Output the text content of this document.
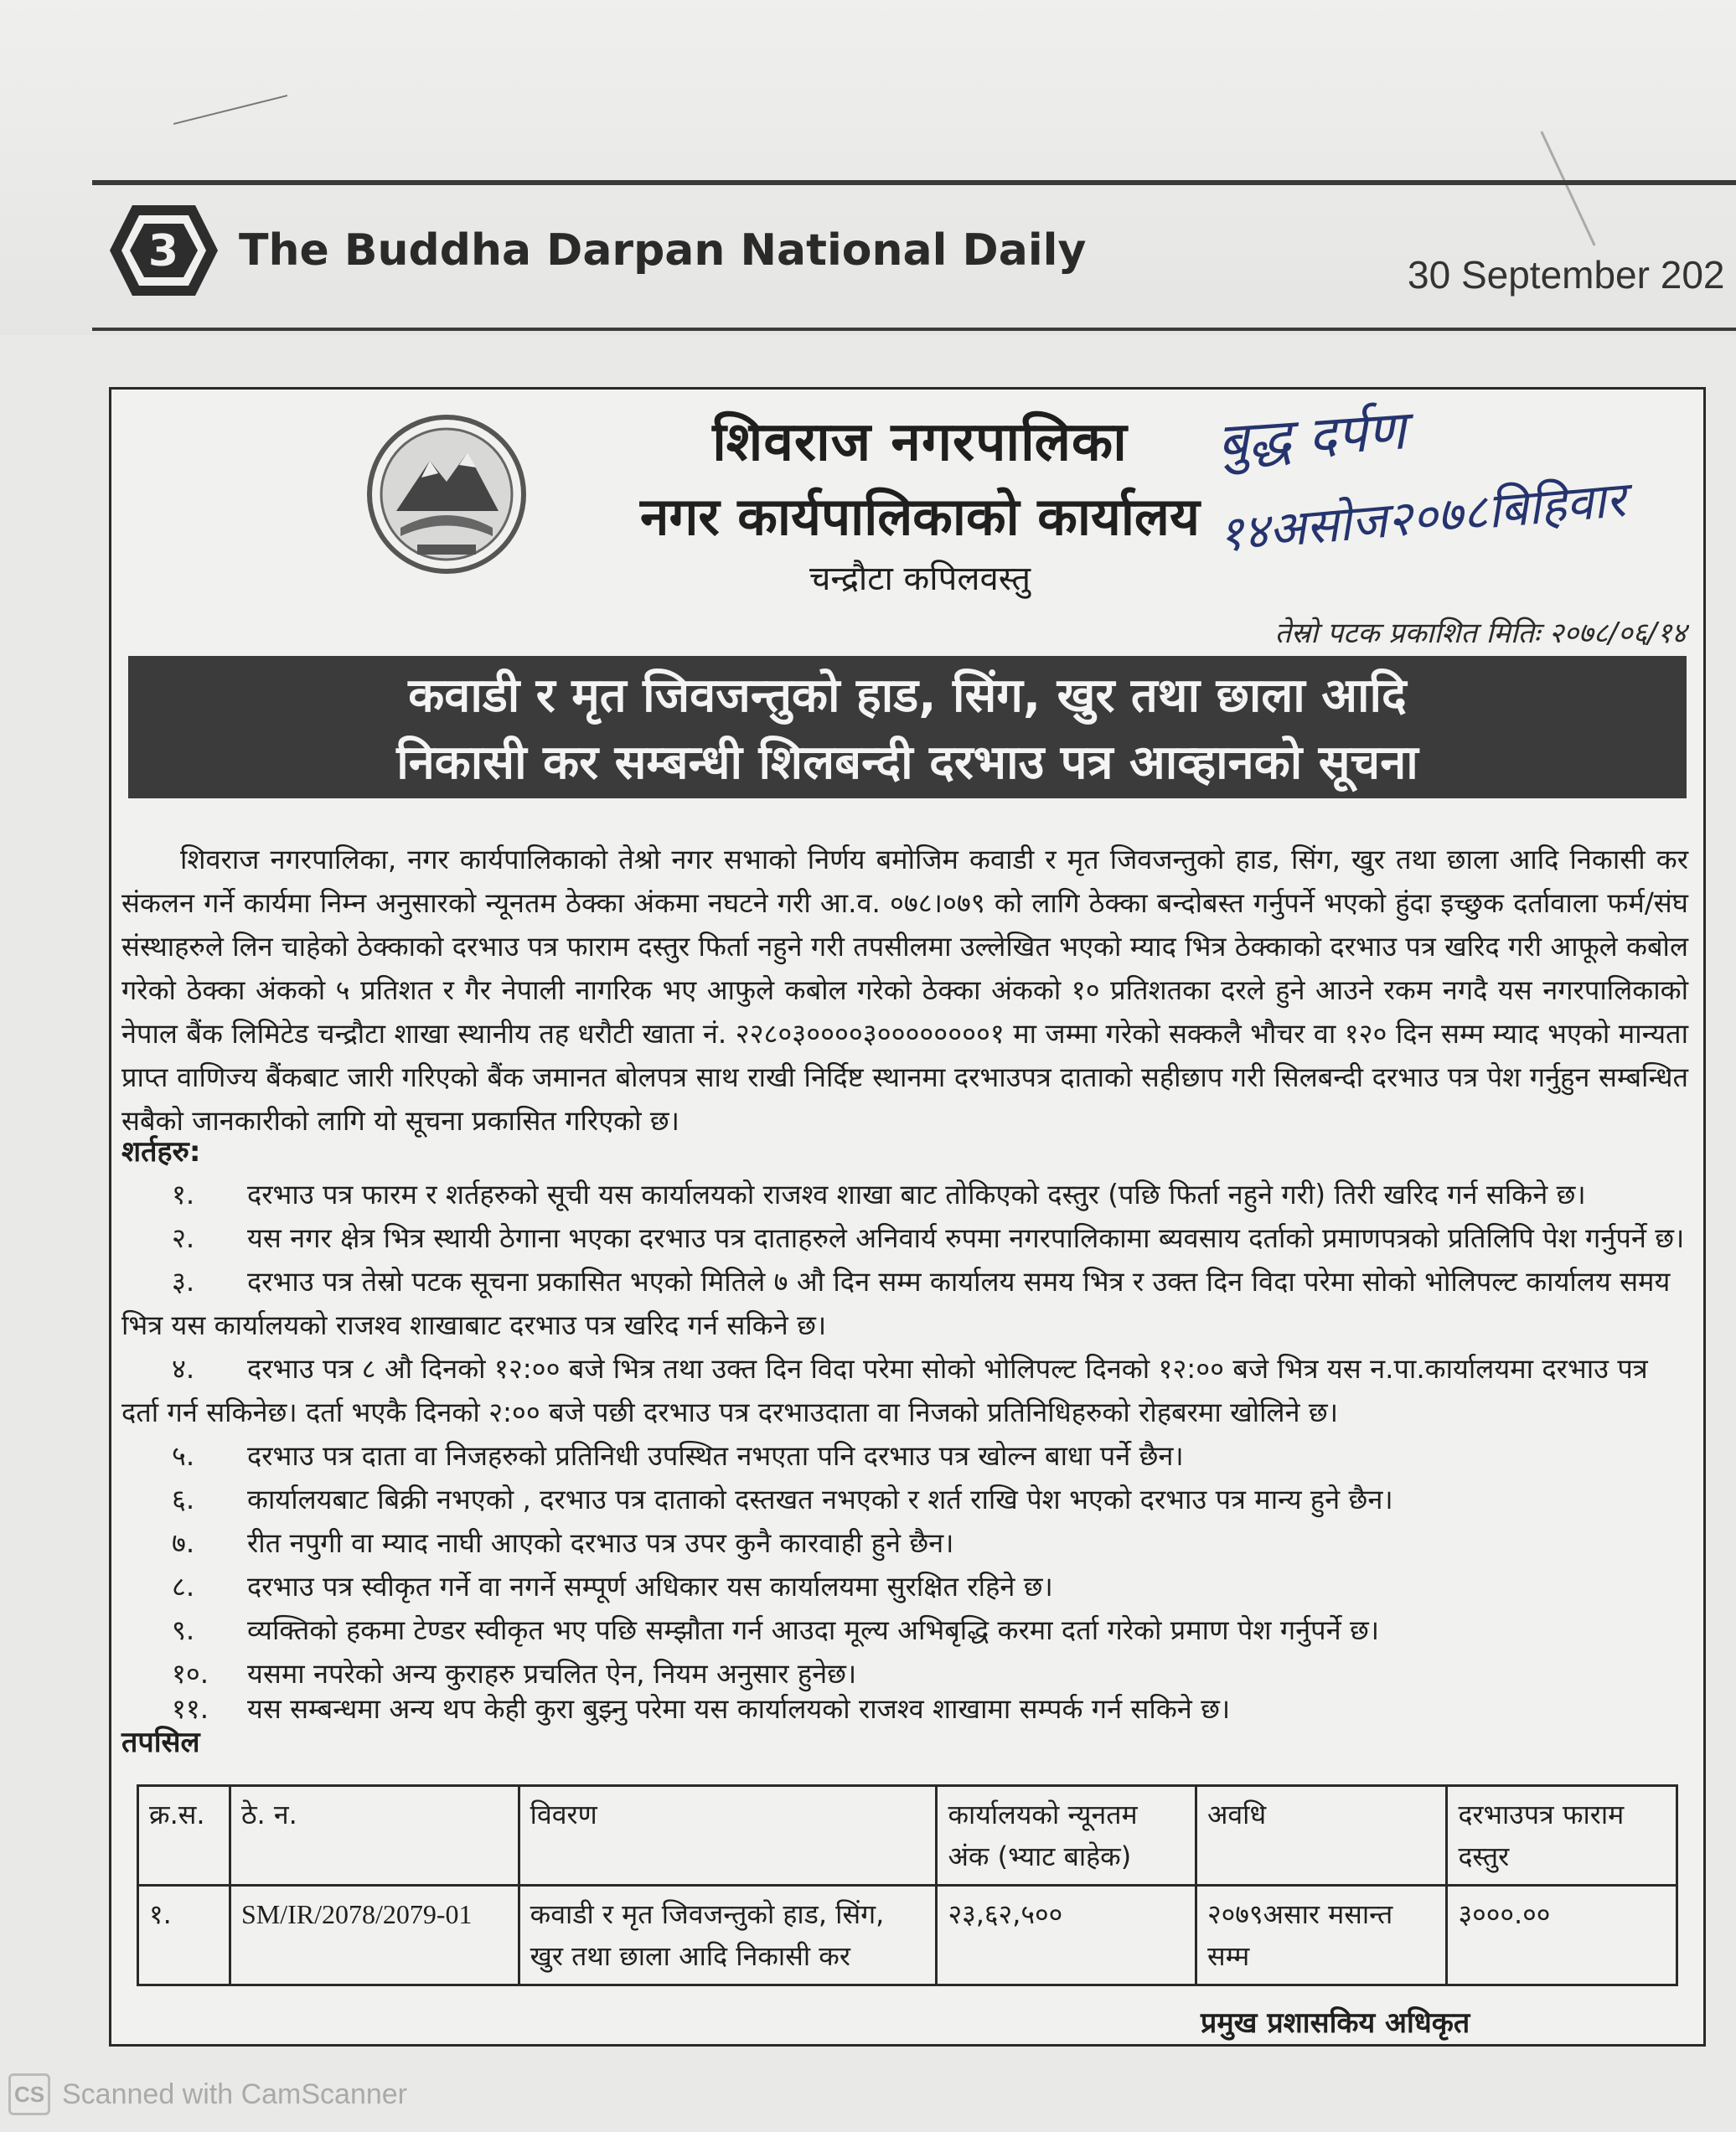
3 The Buddha Darpan National Daily	30 September 202
शिवराज नगरपालिका
नगर कार्यपालिकाको कार्यालय
चन्द्रौटा कपिलवस्तु
बुद्ध दर्पण
१४असोज२०७८बिहिवार
तेस्रो पटक प्रकाशित मितिः २०७८/०६/१४
कवाडी र मृत जिवजन्तुको हाड, सिंग, खुर तथा छाला आदि
निकासी कर सम्बन्धी शिलबन्दी दरभाउ पत्र आव्हानको सूचना
शिवराज नगरपालिका, नगर कार्यपालिकाको तेश्रो नगर सभाको निर्णय बमोजिम कवाडी र मृत जिवजन्तुको हाड, सिंग, खुर तथा छाला आदि निकासी कर संकलन गर्ने कार्यमा निम्न अनुसारको न्यूनतम ठेक्का अंकमा नघटने गरी आ.व. ०७८।०७९ को लागि ठेक्का बन्दोबस्त गर्नुपर्ने भएको हुंदा इच्छुक दर्तावाला फर्म/संघ संस्थाहरुले लिन चाहेको ठेक्काको दरभाउ पत्र फाराम दस्तुर फिर्ता नहुने गरी तपसीलमा उल्लेखित भएको म्याद भित्र ठेक्काको दरभाउ पत्र खरिद गरी आफूले कबोल गरेको ठेक्का अंकको ५ प्रतिशत र गैर नेपाली नागरिक भए आफुले कबोल गरेको ठेक्का अंकको १० प्रतिशतका दरले हुने आउने रकम नगदै यस नगरपालिकाको नेपाल बैंक लिमिटेड चन्द्रौटा शाखा स्थानीय तह धरौटी खाता नं. २२८०३००००३००००००००१ मा जम्मा गरेको सक्कलै भौचर वा १२० दिन सम्म म्याद भएको मान्यता प्राप्त वाणिज्य बैंकबाट जारी गरिएको बैंक जमानत बोलपत्र साथ राखी निर्दिष्ट स्थानमा दरभाउपत्र दाताको सहीछाप गरी सिलबन्दी दरभाउ पत्र पेश गर्नुहुन सम्बन्धित सबैको जानकारीको लागि यो सूचना प्रकासित गरिएको छ।
शर्तहरु:
१. दरभाउ पत्र फारम र शर्तहरुको सूची यस कार्यालयको राजश्व शाखा बाट तोकिएको दस्तुर (पछि फिर्ता नहुने गरी) तिरी खरिद गर्न सकिने छ।
२. यस नगर क्षेत्र भित्र स्थायी ठेगाना भएका दरभाउ पत्र दाताहरुले अनिवार्य रुपमा नगरपालिकामा ब्यवसाय दर्ताको प्रमाणपत्रको प्रतिलिपि पेश गर्नुपर्ने छ।
३. दरभाउ पत्र तेस्रो पटक सूचना प्रकासित भएको मितिले ७ औ दिन सम्म कार्यालय समय भित्र र उक्त दिन विदा परेमा सोको भोलिपल्ट कार्यालय समय भित्र यस कार्यालयको राजश्व शाखाबाट दरभाउ पत्र खरिद गर्न सकिने छ।
४. दरभाउ पत्र ८ औ दिनको १२:०० बजे भित्र तथा उक्त दिन विदा परेमा सोको भोलिपल्ट दिनको १२:०० बजे भित्र यस न.पा.कार्यालयमा दरभाउ पत्र दर्ता गर्न सकिनेछ। दर्ता भएकै दिनको २:०० बजे पछी दरभाउ पत्र दरभाउदाता वा निजको प्रतिनिधिहरुको रोहबरमा खोलिने छ।
५. दरभाउ पत्र दाता वा निजहरुको प्रतिनिधी उपस्थित नभएता पनि दरभाउ पत्र खोल्न बाधा पर्ने छैन।
६. कार्यालयबाट बिक्री नभएको , दरभाउ पत्र दाताको दस्तखत नभएको र शर्त राखि पेश भएको दरभाउ पत्र मान्य हुने छैन।
७. रीत नपुगी वा म्याद नाघी आएको दरभाउ पत्र उपर कुनै कारवाही हुने छैन।
८. दरभाउ पत्र स्वीकृत गर्ने वा नगर्ने सम्पूर्ण अधिकार यस कार्यालयमा सुरक्षित रहिने छ।
९. व्यक्तिको हकमा टेण्डर स्वीकृत भए पछि सम्झौता गर्न आउदा मूल्य अभिबृद्धि करमा दर्ता गरेको प्रमाण पेश गर्नुपर्ने छ।
१०. यसमा नपरेको अन्य कुराहरु प्रचलित ऐन, नियम अनुसार हुनेछ।
११. यस सम्बन्धमा अन्य थप केही कुरा बुझ्नु परेमा यस कार्यालयको राजश्व शाखामा सम्पर्क गर्न सकिने छ।
तपसिल
क्र.स.	ठे. न.	विवरण	कार्यालयको न्यूनतम अंक (भ्याट बाहेक)	अवधि	दरभाउपत्र फाराम दस्तुर
१.	SM/IR/2078/2079-01	कवाडी र मृत जिवजन्तुको हाड, सिंग, खुर तथा छाला आदि निकासी कर	२३,६२,५००	२०७९असार मसान्त सम्म	३०००.००
प्रमुख प्रशासकिय अधिकृत
CS Scanned with CamScanner
